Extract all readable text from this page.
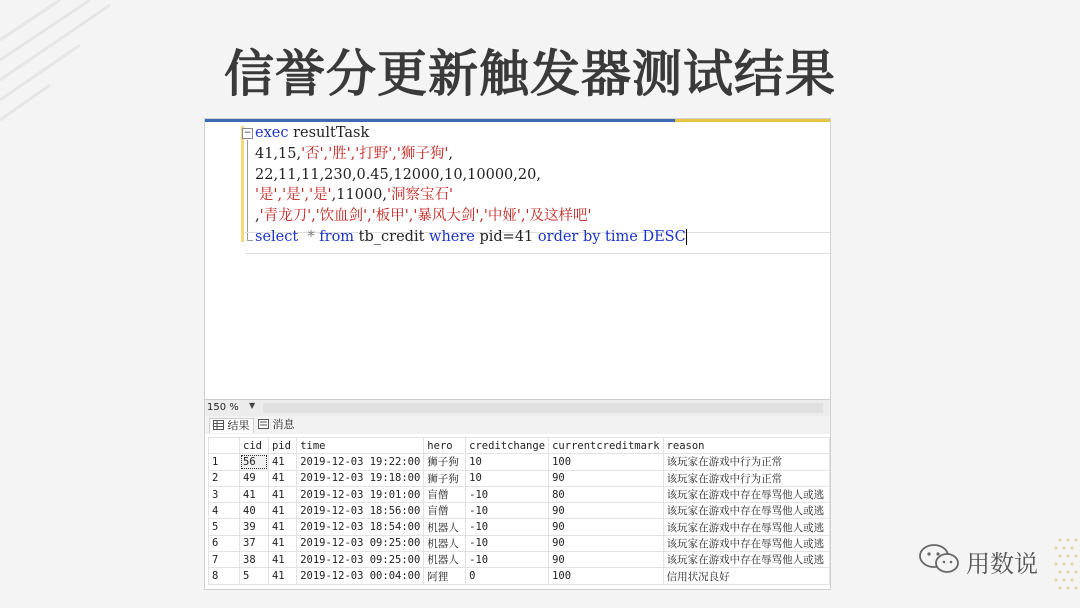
信誉分更新触发器测试结果
− exec resultTask
41,15,'否','胜','打野','狮子狗',
22,11,11,230,0.45,12000,10,10000,20,
'是','是','是',11000,'洞察宝石'
,'青龙刀','饮血剑','板甲','暴风大剑','中娅','及这样吧'
select  * from tb_credit where pid=41 order by time DESC
150 % ▼
结果	消息
	cid	pid	time	hero	creditchange	currentcreditmark	reason
1	56	41	2019-12-03 19:22:00	狮子狗	10	100	该玩家在游戏中行为正常
2	49	41	2019-12-03 19:18:00	狮子狗	10	90	该玩家在游戏中行为正常
3	41	41	2019-12-03 19:01:00	盲僧	-10	80	该玩家在游戏中存在辱骂他人或逃
4	40	41	2019-12-03 18:56:00	盲僧	-10	90	该玩家在游戏中存在辱骂他人或逃
5	39	41	2019-12-03 18:54:00	机器人	-10	90	该玩家在游戏中存在辱骂他人或逃
6	37	41	2019-12-03 09:25:00	机器人	-10	90	该玩家在游戏中存在辱骂他人或逃
7	38	41	2019-12-03 09:25:00	机器人	-10	90	该玩家在游戏中存在辱骂他人或逃
8	5	41	2019-12-03 00:04:00	阿狸	0	100	信用状况良好	用数说
